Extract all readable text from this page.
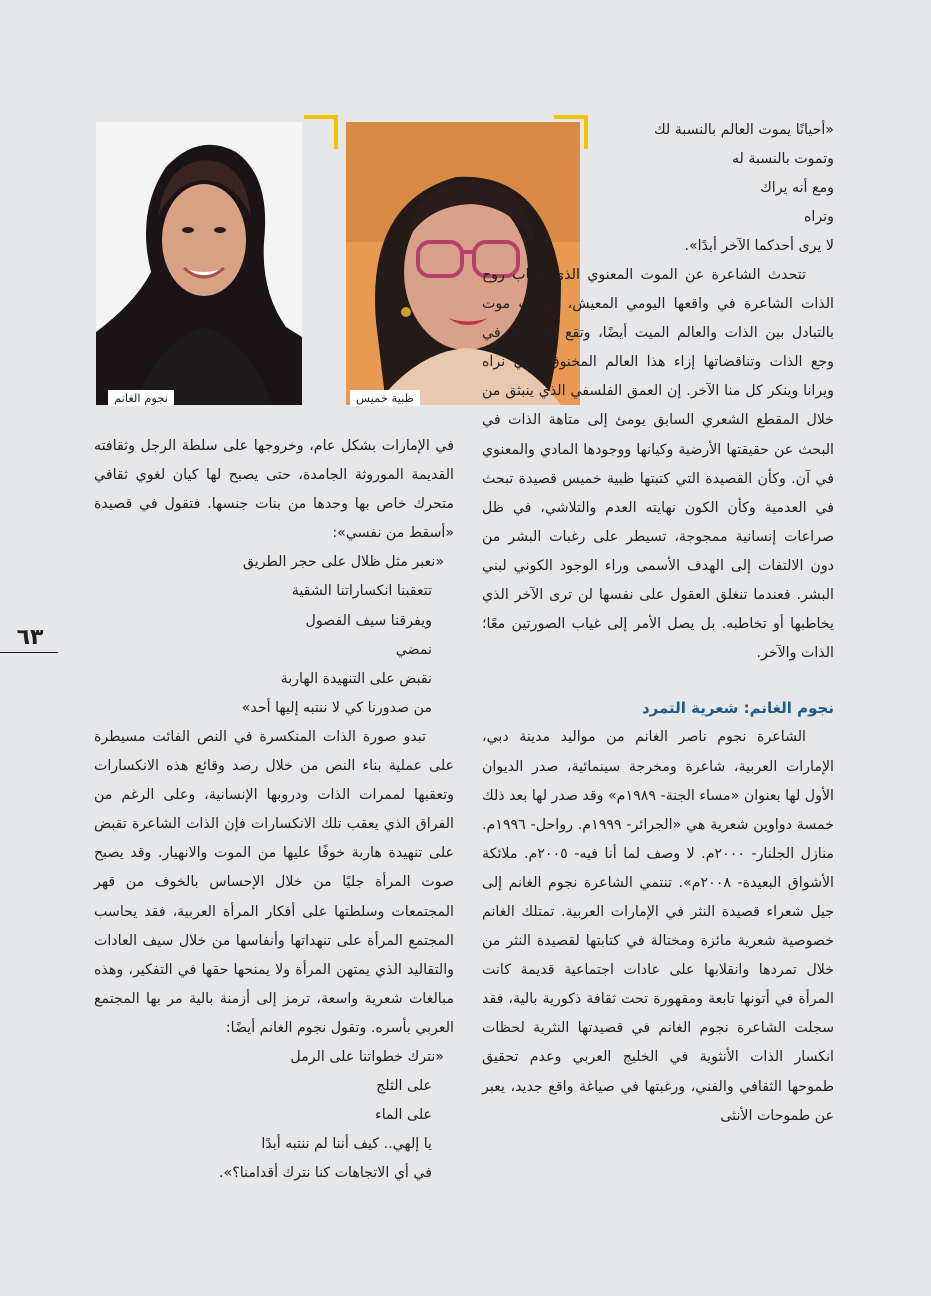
نجوم الغانم	ظبية خميس

«أحيانًا يموت العالم بالنسبة لك

وتموت بالنسبة له

ومع أنه يراك

وتراه

لا يرى أحدكما الآخر أبدًا».

تتحدث الشاعرة عن الموت المعنوي الذي أصاب روح الذات الشاعرة في واقعها اليومي المعيش، فيحدث موت بالتبادل بين الذات والعالم الميت أيضًا، وتقع المفارقة في وجع الذات وتناقضاتها إزاء هذا العالم المخنوق الذي نراه ويرانا وينكر كل منا الآخر. إن العمق الفلسفي الذي ينبثق من خلال المقطع الشعري السابق يومئ إلى متاهة الذات في البحث عن حقيقتها الأرضية وكيانها ووجودها المادي والمعنوي في آن. وكأن القصيدة التي كتبتها ظبية خميس قصيدة تبحث في العدمية وكأن الكون نهايته العدم والتلاشي، في ظل صراعات إنسانية ممجوجة، تسيطر على رغبات البشر من دون الالتفات إلى الهدف الأسمى وراء الوجود الكوني لبني البشر. فعندما تنغلق العقول على نفسها لن ترى الآخر الذي يخاطبها أو تخاطبه. بل يصل الأمر إلى غياب الصورتين معًا؛ الذات والآخر.

نجوم الغانم: شعرية التمرد

الشاعرة نجوم ناصر الغانم من مواليد مدينة دبي، الإمارات العربية، شاعرة ومخرجة سينمائية، صدر الديوان الأول لها بعنوان «مساء الجنة- ١٩٨٩م» وقد صدر لها بعد ذلك خمسة دواوين شعرية هي «الجرائر- ١٩٩٩م. رواحل- ١٩٩٦م. منازل الجلنار- ٢٠٠٠م. لا وصف لما أنا فيه- ٢٠٠٥م. ملائكة الأشواق البعيدة- ٢٠٠٨م». تنتمي الشاعرة نجوم الغانم إلى جيل شعراء قصيدة النثر في الإمارات العربية. تمتلك الغانم خصوصية شعرية مائزة ومختالة في كتابتها لقصيدة النثر من خلال تمردها وانقلابها على عادات اجتماعية قديمة كانت المرأة في أتونها تابعة ومقهورة تحت ثقافة ذكورية بالية، فقد سجلت الشاعرة نجوم الغانم في قصيدتها النثرية لحظات انكسار الذات الأنثوية في الخليج العربي وعدم تحقيق طموحها الثقافي والفني، ورغبتها في صياغة واقع جديد، يعبر عن طموحات الأنثى

في الإمارات بشكل عام، وخروجها على سلطة الرجل وثقافته القديمة الموروثة الجامدة، حتى يصبح لها كيان لغوي ثقافي متحرك خاص بها وحدها من بنات جنسها. فتقول في قصيدة «أسقط من نفسي»:

«نعبر مثل ظلال على حجر الطريق

تتعقبنا انكساراتنا الشقية

ويفرقنا سيف الفصول

نمضي

نقبض على التنهيدة الهاربة

من صدورنا كي لا ننتبه إليها أحد»

تبدو صورة الذات المنكسرة في النص الفائت مسيطرة على عملية بناء النص من خلال رصد وقائع هذه الانكسارات وتعقبها لممرات الذات ودروبها الإنسانية، وعلى الرغم من الفراق الذي يعقب تلك الانكسارات فإن الذات الشاعرة تقبض على تنهيدة هاربة خوفًا عليها من الموت والانهيار. وقد يصبح صوت المرأة جليًا من خلال الإحساس بالخوف من قهر المجتمعات وسلطتها على أفكار المرأة العربية، فقد يحاسب المجتمع المرأة على تنهداتها وأنفاسها من خلال سيف العادات والتقاليد الذي يمتهن المرأة ولا يمنحها حقها في التفكير، وهذه مبالغات شعرية واسعة، ترمز إلى أزمنة بالية مر بها المجتمع العربي بأسره. وتقول نجوم الغانم أيضًا:

«نترك خطواتنا على الرمل

على الثلج

على الماء

يا إلهي.. كيف أننا لم ننتبه أبدًا

في أي الاتجاهات كنا نترك أقدامنا؟».

٦٣
